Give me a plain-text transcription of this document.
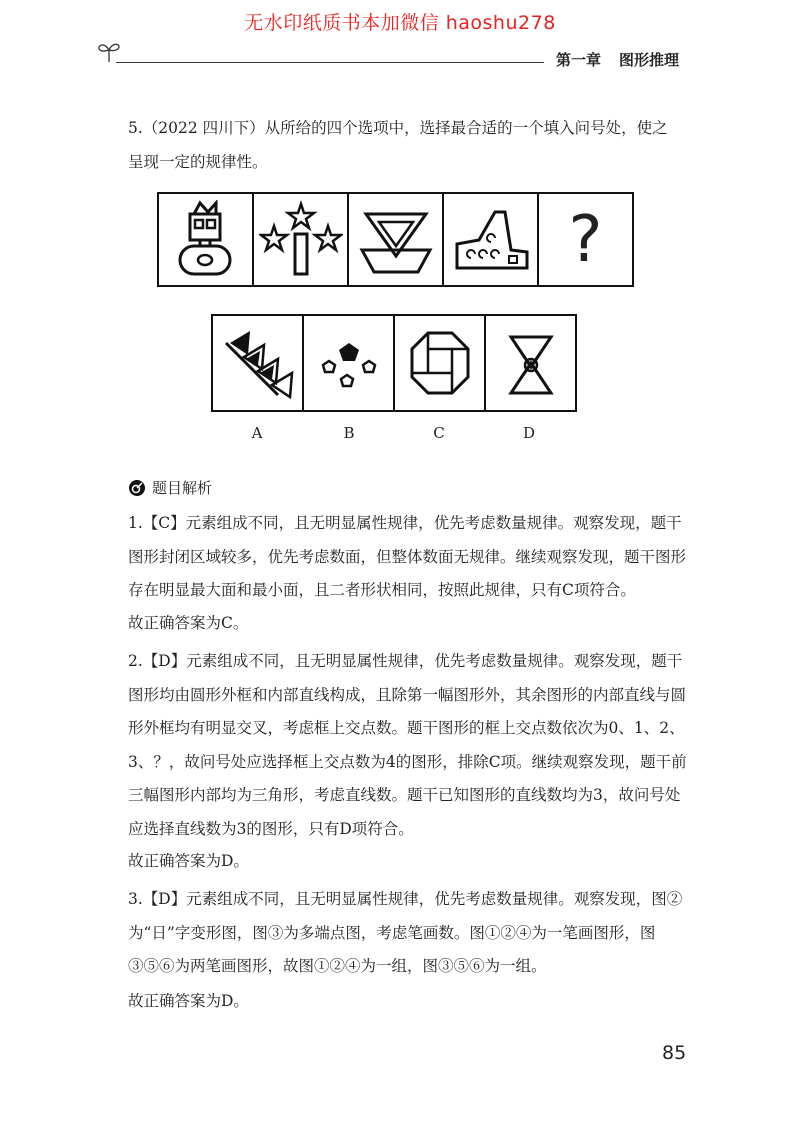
无水印纸质书本加微信 haoshu278
第一章 图形推理

5.（2022 四川下）从所给的四个选项中，选择最合适的一个填入问号处，使之

呈现一定的规律性。

?
A	B	C	D
题目解析

1.【C】元素组成不同，且无明显属性规律，优先考虑数量规律。观察发现，题干图形封闭区域较多，优先考虑数面，但整体数面无规律。继续观察发现，题干图形存在明显最大面和最小面，且二者形状相同，按照此规律，只有C项符合。

故正确答案为C。

2.【D】元素组成不同，且无明显属性规律，优先考虑数量规律。观察发现，题干图形均由圆形外框和内部直线构成，且除第一幅图形外，其余图形的内部直线与圆形外框均有明显交叉，考虑框上交点数。题干图形的框上交点数依次为0、1、2、3、？，故问号处应选择框上交点数为4的图形，排除C项。继续观察发现，题干前三幅图形内部均为三角形，考虑直线数。题干已知图形的直线数均为3，故问号处应选择直线数为3的图形，只有D项符合。

故正确答案为D。

3.【D】元素组成不同，且无明显属性规律，优先考虑数量规律。观察发现，图②为“日”字变形图，图③为多端点图，考虑笔画数。图①②④为一笔画图形，图③⑤⑥为两笔画图形，故图①②④为一组，图③⑤⑥为一组。

故正确答案为D。

85
